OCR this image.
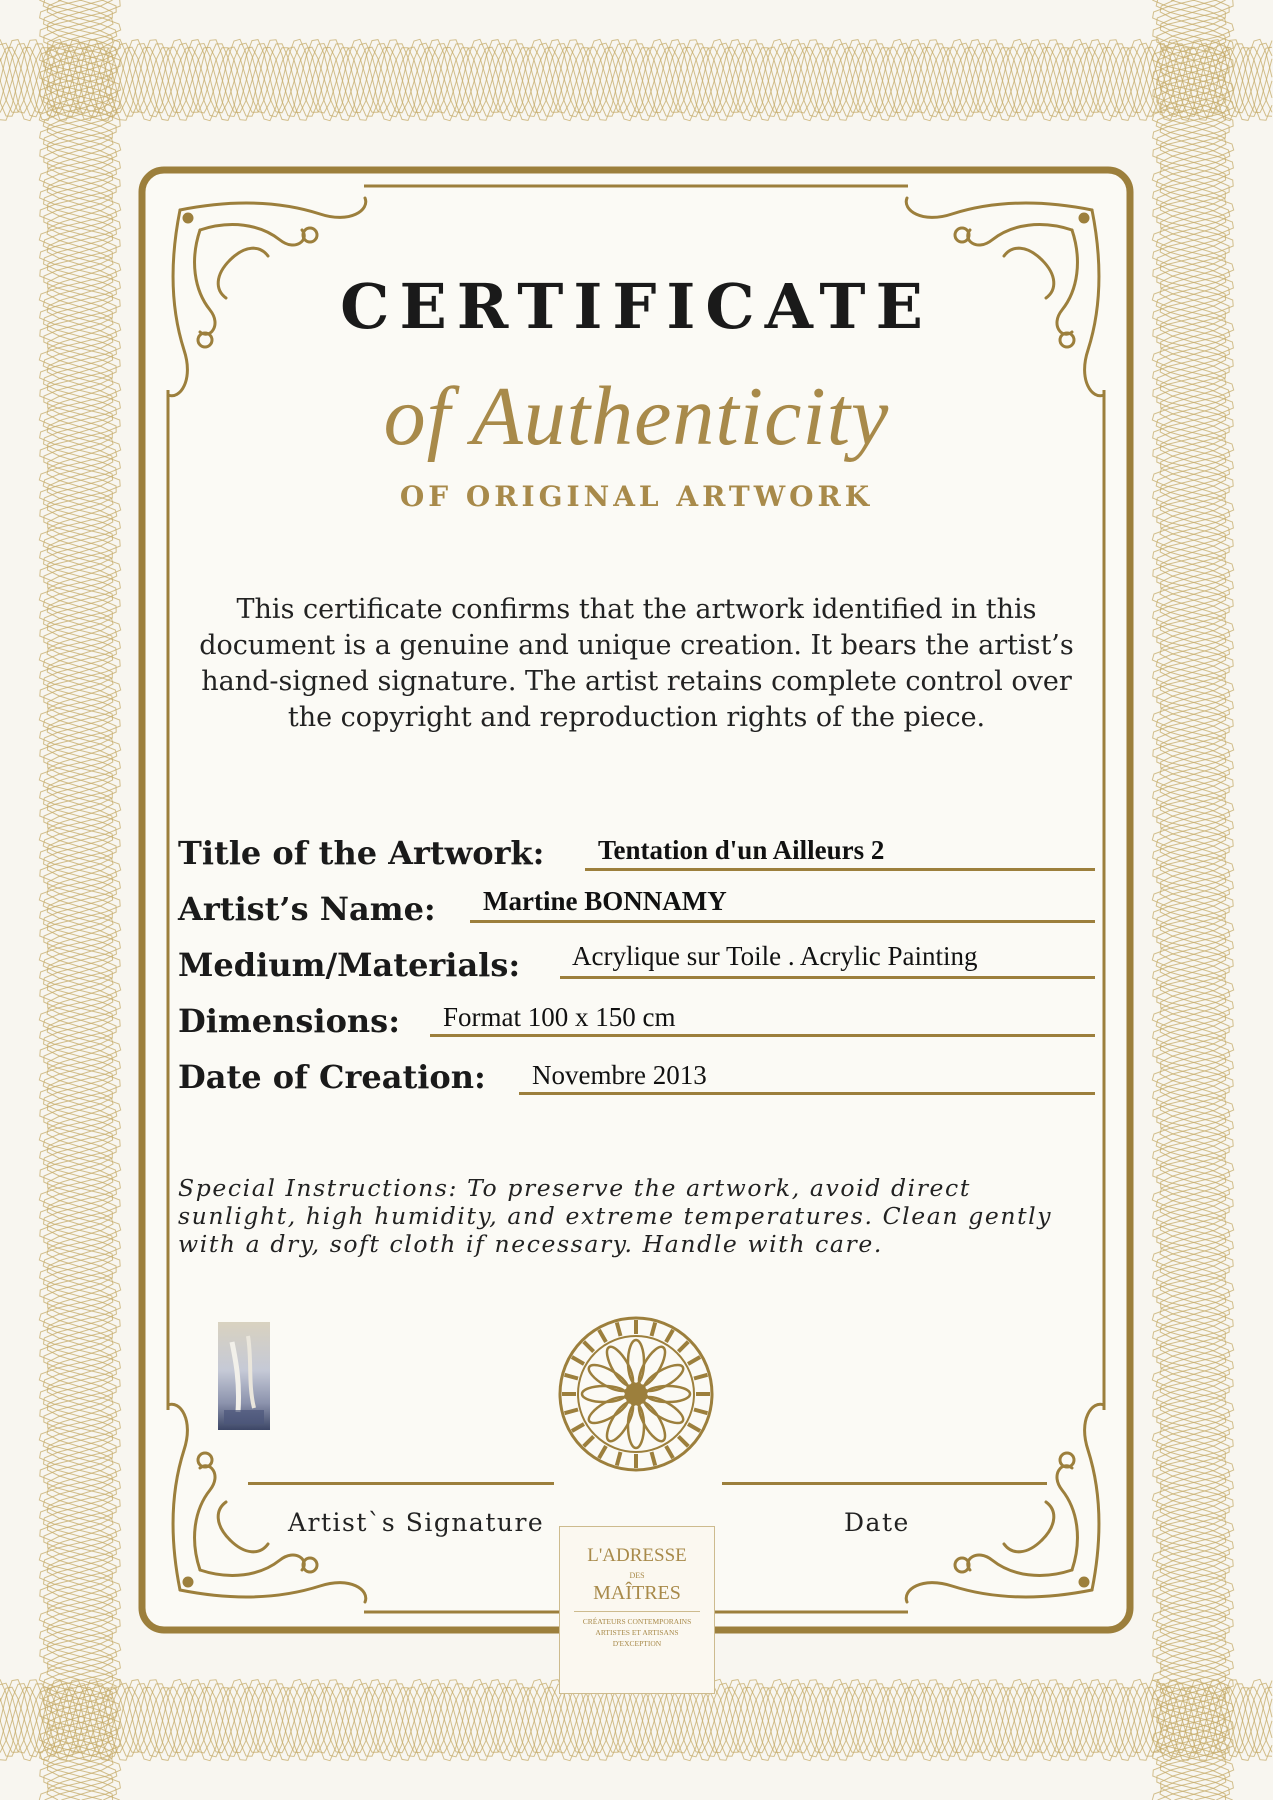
CERTIFICATE
of Authenticity
OF ORIGINAL ARTWORK
This certificate confirms that the artwork identified in this document is a genuine and unique creation. It bears the artist’s hand-signed signature. The artist retains complete control over the copyright and reproduction rights of the piece.
Title of the Artwork: Tentation d'un Ailleurs 2
Artist’s Name: Martine BONNAMY
Medium/Materials: Acrylique sur Toile . Acrylic Painting
Dimensions: Format 100 x 150 cm
Date of Creation: Novembre 2013
Special Instructions: To preserve the artwork, avoid direct sunlight, high humidity, and extreme temperatures. Clean gently with a dry, soft cloth if necessary. Handle with care.
Artist`s Signature	Date
L'ADRESSE
DES
MAÎTRES
CRÉATEURS CONTEMPORAINS
ARTISTES ET ARTISANS
D'EXCEPTION
